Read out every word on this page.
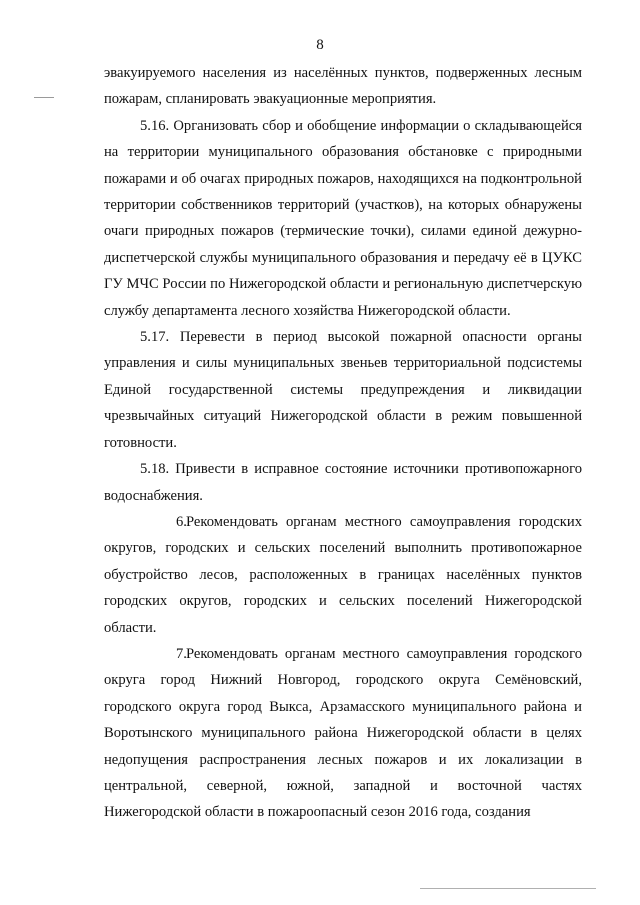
8

эвакуируемого населения из населённых пунктов, подверженных лесным пожарам, спланировать эвакуационные мероприятия.

5.16. Организовать сбор и обобщение информации о складывающейся на территории муниципального образования обстановке с природными пожарами и об очагах природных пожаров, находящихся на подконтрольной территории собственников территорий (участков), на которых обнаружены очаги природных пожаров (термические точки), силами единой дежурно-диспетчерской службы муниципального образования и передачу её в ЦУКС ГУ МЧС России по Нижегородской области и региональную диспетчерскую службу департамента лесного хозяйства Нижегородской области.

5.17. Перевести в период высокой пожарной опасности органы управления и силы муниципальных звеньев территориальной подсистемы Единой государственной системы предупреждения и ликвидации чрезвычайных ситуаций Нижегородской области в режим повышенной готовности.

5.18. Привести в исправное состояние источники противопожарного водоснабжения.

6.Рекомендовать органам местного самоуправления городских округов, городских и сельских поселений выполнить противопожарное обустройство лесов, расположенных в границах населённых пунктов городских округов, городских и сельских поселений Нижегородской области.

7.Рекомендовать органам местного самоуправления городского округа город Нижний Новгород, городского округа Семёновский, городского округа город Выкса, Арзамасского муниципального района и Воротынского муниципального района Нижегородской области в целях недопущения распространения лесных пожаров и их локализации в центральной, северной, южной, западной и восточной частях Нижегородской области в пожароопасный сезон 2016 года, создания
